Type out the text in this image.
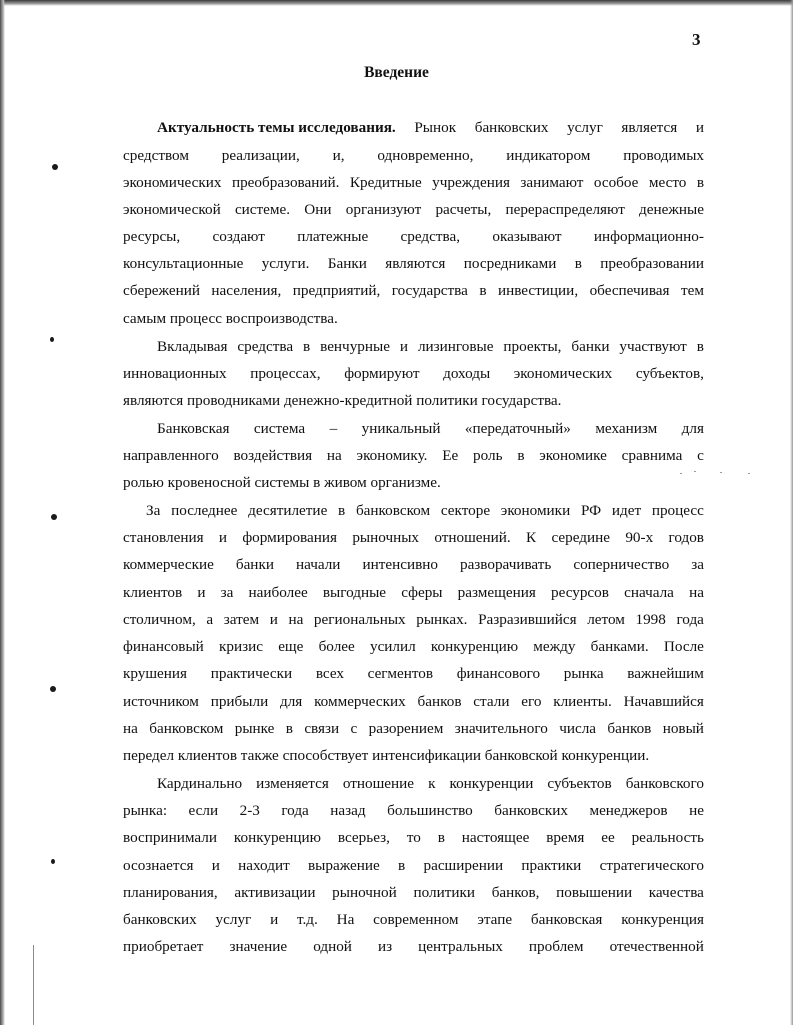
3
Введение
Актуальность темы исследования. Рынок банковских услуг является и
средством реализации, и, одновременно, индикатором проводимых
экономических преобразований. Кредитные учреждения занимают особое место в
экономической системе. Они организуют расчеты, перераспределяют денежные
ресурсы, создают платежные средства, оказывают информационно-
консультационные услуги. Банки являются посредниками в преобразовании
сбережений населения, предприятий, государства в инвестиции, обеспечивая тем
самым процесс воспроизводства.
Вкладывая средства в венчурные и лизинговые проекты, банки участвуют в
инновационных процессах, формируют доходы экономических субъектов,
являются проводниками денежно-кредитной политики государства.
Банковская система – уникальный «передаточный» механизм для
направленного воздействия на экономику. Ее роль в экономике сравнима с
ролью кровеносной системы в живом организме.
За последнее десятилетие в банковском секторе экономики РФ идет процесс
становления и формирования рыночных отношений. К середине 90-х годов
коммерческие банки начали интенсивно разворачивать соперничество за
клиентов и за наиболее выгодные сферы размещения ресурсов сначала на
столичном, а затем и на региональных рынках. Разразившийся летом 1998 года
финансовый кризис еще более усилил конкуренцию между банками. После
крушения практически всех сегментов финансового рынка важнейшим
источником прибыли для коммерческих банков стали его клиенты. Начавшийся
на банковском рынке в связи с разорением значительного числа банков новый
передел клиентов также способствует интенсификации банковской конкуренции.
Кардинально изменяется отношение к конкуренции субъектов банковского
рынка: если 2-3 года назад большинство банковских менеджеров не
воспринимали конкуренцию всерьез, то в настоящее время ее реальность
осознается и находит выражение в расширении практики стратегического
планирования, активизации рыночной политики банков, повышении качества
банковских услуг и т.д. На современном этапе банковская конкуренция
приобретает значение одной из центральных проблем отечественной
